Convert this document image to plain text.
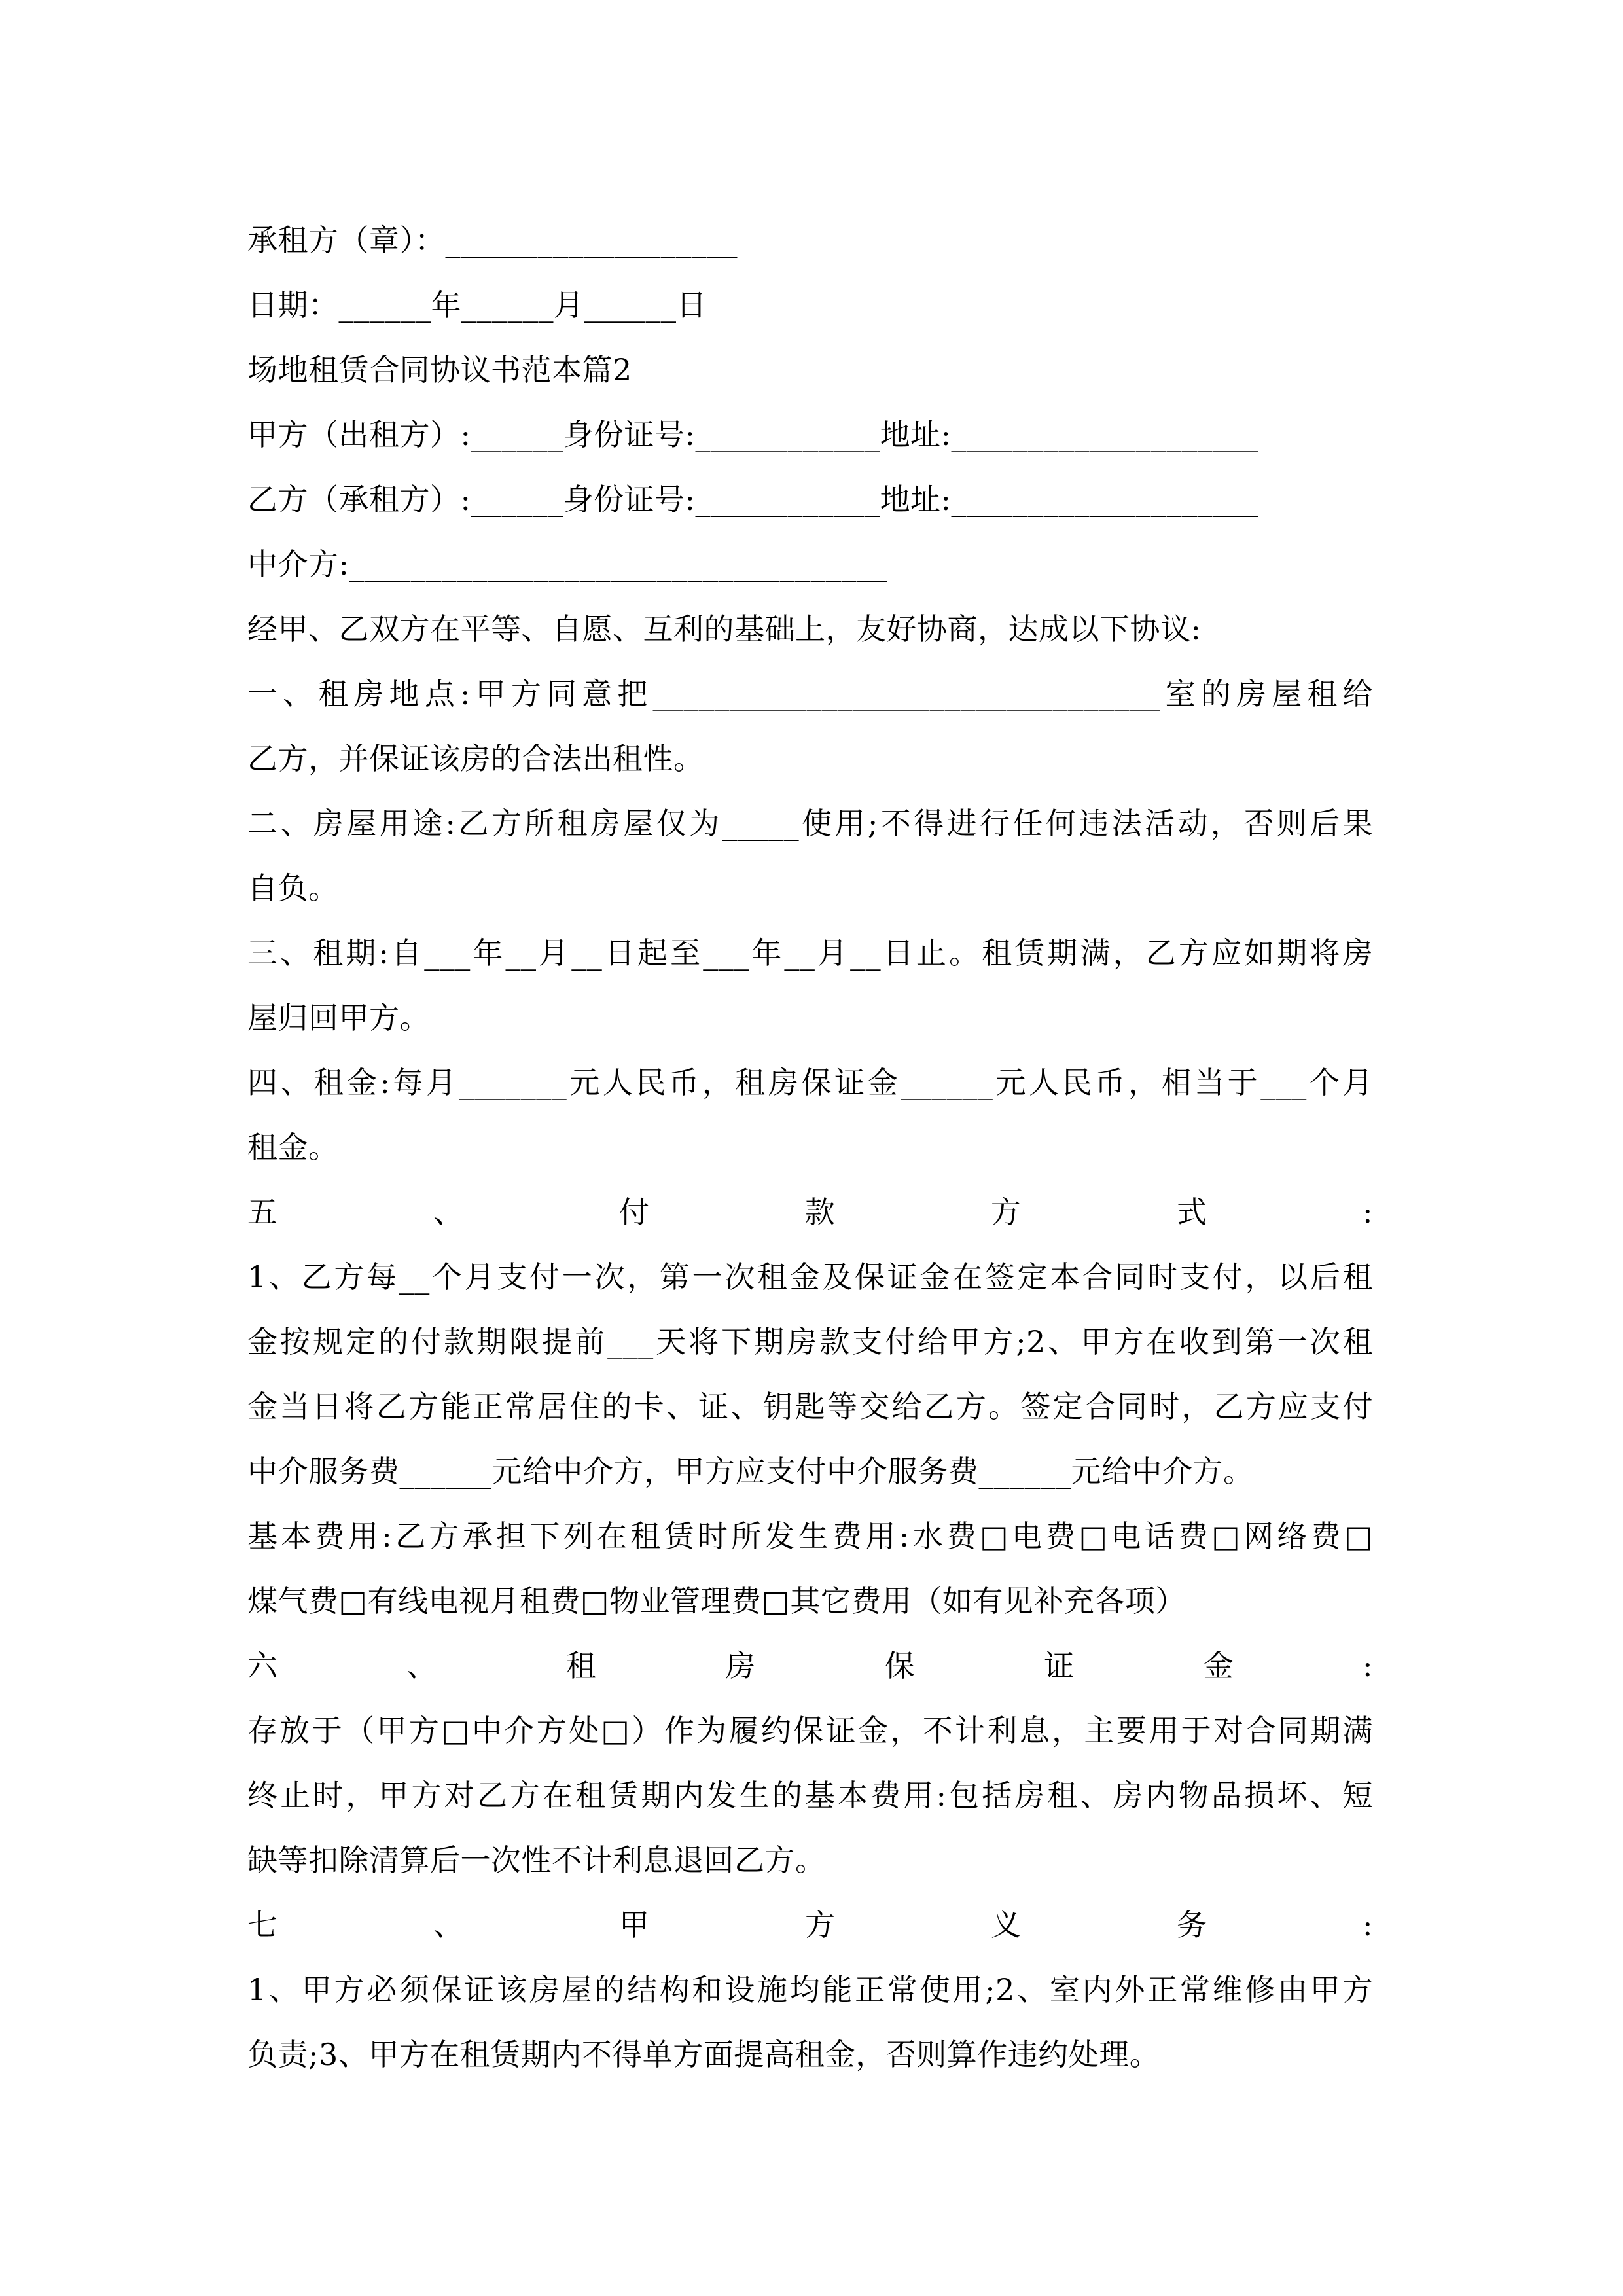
承租方（章）：___________________
日期：______年______月______日
场地租赁合同协议书范本篇2
甲方（出租方）:______身份证号:____________地址:____________________
乙方（承租方）:______身份证号:____________地址:____________________
中介方:___________________________________
经甲、乙双方在平等、自愿、互利的基础上，友好协商，达成以下协议:
一、租房地点:甲方同意把_________________________________室的房屋租给
乙方，并保证该房的合法出租性。
二、房屋用途:乙方所租房屋仅为_____使用;不得进行任何违法活动，否则后果
自负。
三、租期:自___年__月__日起至___年__月__日止。租赁期满，乙方应如期将房
屋归回甲方。
四、租金:每月_______元人民币，租房保证金______元人民币，相当于___个月
租金。
五、付款方式:
1、乙方每__个月支付一次，第一次租金及保证金在签定本合同时支付，以后租
金按规定的付款期限提前___天将下期房款支付给甲方;2、甲方在收到第一次租
金当日将乙方能正常居住的卡、证、钥匙等交给乙方。签定合同时，乙方应支付
中介服务费______元给中介方，甲方应支付中介服务费______元给中介方。
基本费用:乙方承担下列在租赁时所发生费用:水费□电费□电话费□网络费□
煤气费□有线电视月租费□物业管理费□其它费用（如有见补充各项）
六、租房保证金:
存放于（甲方□中介方处□）作为履约保证金，不计利息，主要用于对合同期满
终止时，甲方对乙方在租赁期内发生的基本费用:包括房租、房内物品损坏、短
缺等扣除清算后一次性不计利息退回乙方。
七、甲方义务:
1、甲方必须保证该房屋的结构和设施均能正常使用;2、室内外正常维修由甲方
负责;3、甲方在租赁期内不得单方面提高租金，否则算作违约处理。
